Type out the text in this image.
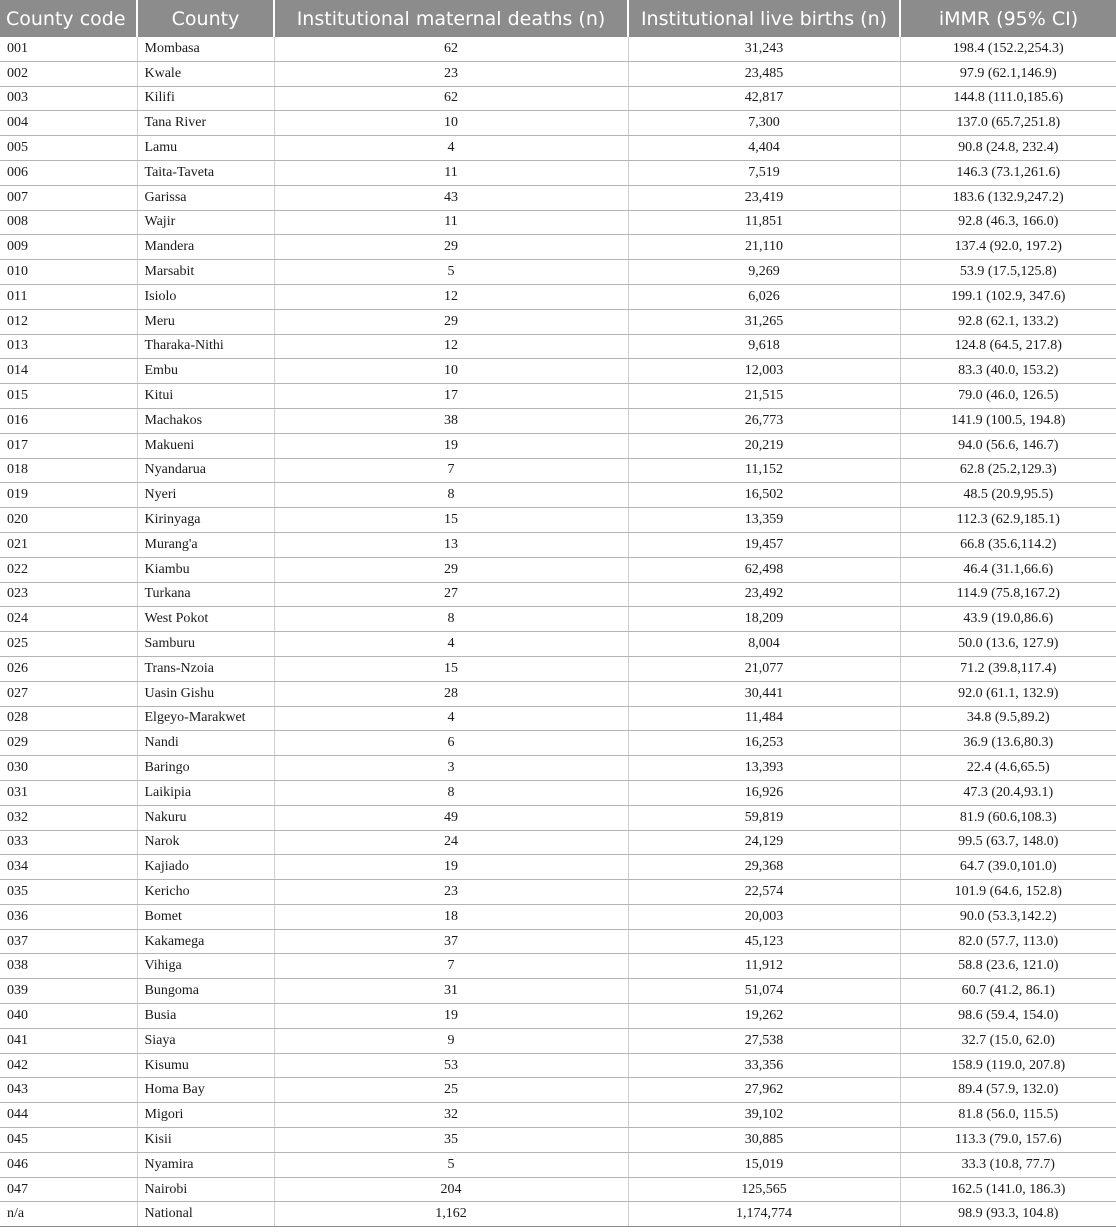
County code	County	Institutional maternal deaths (n)	Institutional live births (n)	iMMR (95% CI)
001	Mombasa	62	31,243	198.4 (152.2,254.3)
002	Kwale	23	23,485	97.9 (62.1,146.9)
003	Kilifi	62	42,817	144.8 (111.0,185.6)
004	Tana River	10	7,300	137.0 (65.7,251.8)
005	Lamu	4	4,404	90.8 (24.8, 232.4)
006	Taita-Taveta	11	7,519	146.3 (73.1,261.6)
007	Garissa	43	23,419	183.6 (132.9,247.2)
008	Wajir	11	11,851	92.8 (46.3, 166.0)
009	Mandera	29	21,110	137.4 (92.0, 197.2)
010	Marsabit	5	9,269	53.9 (17.5,125.8)
011	Isiolo	12	6,026	199.1 (102.9, 347.6)
012	Meru	29	31,265	92.8 (62.1, 133.2)
013	Tharaka-Nithi	12	9,618	124.8 (64.5, 217.8)
014	Embu	10	12,003	83.3 (40.0, 153.2)
015	Kitui	17	21,515	79.0 (46.0, 126.5)
016	Machakos	38	26,773	141.9 (100.5, 194.8)
017	Makueni	19	20,219	94.0 (56.6, 146.7)
018	Nyandarua	7	11,152	62.8 (25.2,129.3)
019	Nyeri	8	16,502	48.5 (20.9,95.5)
020	Kirinyaga	15	13,359	112.3 (62.9,185.1)
021	Murang'a	13	19,457	66.8 (35.6,114.2)
022	Kiambu	29	62,498	46.4 (31.1,66.6)
023	Turkana	27	23,492	114.9 (75.8,167.2)
024	West Pokot	8	18,209	43.9 (19.0,86.6)
025	Samburu	4	8,004	50.0 (13.6, 127.9)
026	Trans-Nzoia	15	21,077	71.2 (39.8,117.4)
027	Uasin Gishu	28	30,441	92.0 (61.1, 132.9)
028	Elgeyo-Marakwet	4	11,484	34.8 (9.5,89.2)
029	Nandi	6	16,253	36.9 (13.6,80.3)
030	Baringo	3	13,393	22.4 (4.6,65.5)
031	Laikipia	8	16,926	47.3 (20.4,93.1)
032	Nakuru	49	59,819	81.9 (60.6,108.3)
033	Narok	24	24,129	99.5 (63.7, 148.0)
034	Kajiado	19	29,368	64.7 (39.0,101.0)
035	Kericho	23	22,574	101.9 (64.6, 152.8)
036	Bomet	18	20,003	90.0 (53.3,142.2)
037	Kakamega	37	45,123	82.0 (57.7, 113.0)
038	Vihiga	7	11,912	58.8 (23.6, 121.0)
039	Bungoma	31	51,074	60.7 (41.2, 86.1)
040	Busia	19	19,262	98.6 (59.4, 154.0)
041	Siaya	9	27,538	32.7 (15.0, 62.0)
042	Kisumu	53	33,356	158.9 (119.0, 207.8)
043	Homa Bay	25	27,962	89.4 (57.9, 132.0)
044	Migori	32	39,102	81.8 (56.0, 115.5)
045	Kisii	35	30,885	113.3 (79.0, 157.6)
046	Nyamira	5	15,019	33.3 (10.8, 77.7)
047	Nairobi	204	125,565	162.5 (141.0, 186.3)
n/a	National	1,162	1,174,774	98.9 (93.3, 104.8)
